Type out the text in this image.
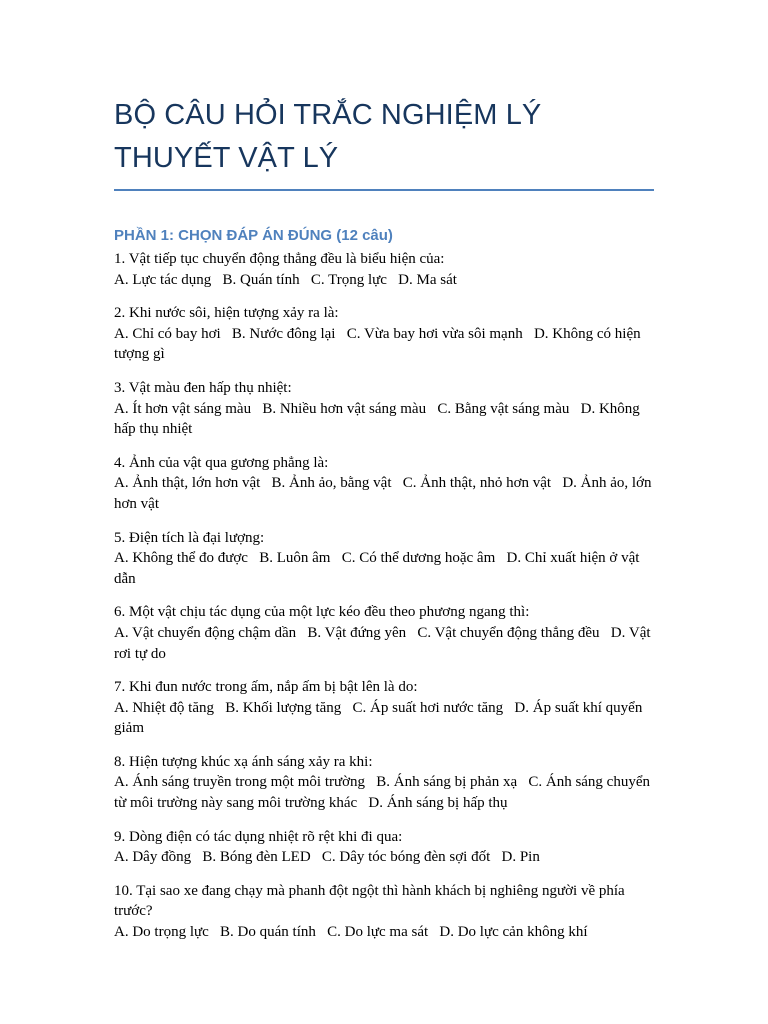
BỘ CÂU HỎI TRẮC NGHIỆM LÝ THUYẾT VẬT LÝ
PHẦN 1: CHỌN ĐÁP ÁN ĐÚNG (12 câu)
1. Vật tiếp tục chuyển động thẳng đều là biểu hiện của:
A. Lực tác dụng   B. Quán tính   C. Trọng lực   D. Ma sát
2. Khi nước sôi, hiện tượng xảy ra là:
A. Chỉ có bay hơi   B. Nước đông lại   C. Vừa bay hơi vừa sôi mạnh   D. Không có hiện tượng gì
3. Vật màu đen hấp thụ nhiệt:
A. Ít hơn vật sáng màu   B. Nhiều hơn vật sáng màu   C. Bằng vật sáng màu   D. Không hấp thụ nhiệt
4. Ảnh của vật qua gương phẳng là:
A. Ảnh thật, lớn hơn vật   B. Ảnh ảo, bằng vật   C. Ảnh thật, nhỏ hơn vật   D. Ảnh ảo, lớn hơn vật
5. Điện tích là đại lượng:
A. Không thể đo được   B. Luôn âm   C. Có thể dương hoặc âm   D. Chỉ xuất hiện ở vật dẫn
6. Một vật chịu tác dụng của một lực kéo đều theo phương ngang thì:
A. Vật chuyển động chậm dần   B. Vật đứng yên   C. Vật chuyển động thẳng đều   D. Vật rơi tự do
7. Khi đun nước trong ấm, nắp ấm bị bật lên là do:
A. Nhiệt độ tăng   B. Khối lượng tăng   C. Áp suất hơi nước tăng   D. Áp suất khí quyển giảm
8. Hiện tượng khúc xạ ánh sáng xảy ra khi:
A. Ánh sáng truyền trong một môi trường   B. Ánh sáng bị phản xạ   C. Ánh sáng chuyển từ môi trường này sang môi trường khác   D. Ánh sáng bị hấp thụ
9. Dòng điện có tác dụng nhiệt rõ rệt khi đi qua:
A. Dây đồng   B. Bóng đèn LED   C. Dây tóc bóng đèn sợi đốt   D. Pin
10. Tại sao xe đang chạy mà phanh đột ngột thì hành khách bị nghiêng người về phía trước?
A. Do trọng lực   B. Do quán tính   C. Do lực ma sát   D. Do lực cản không khí
